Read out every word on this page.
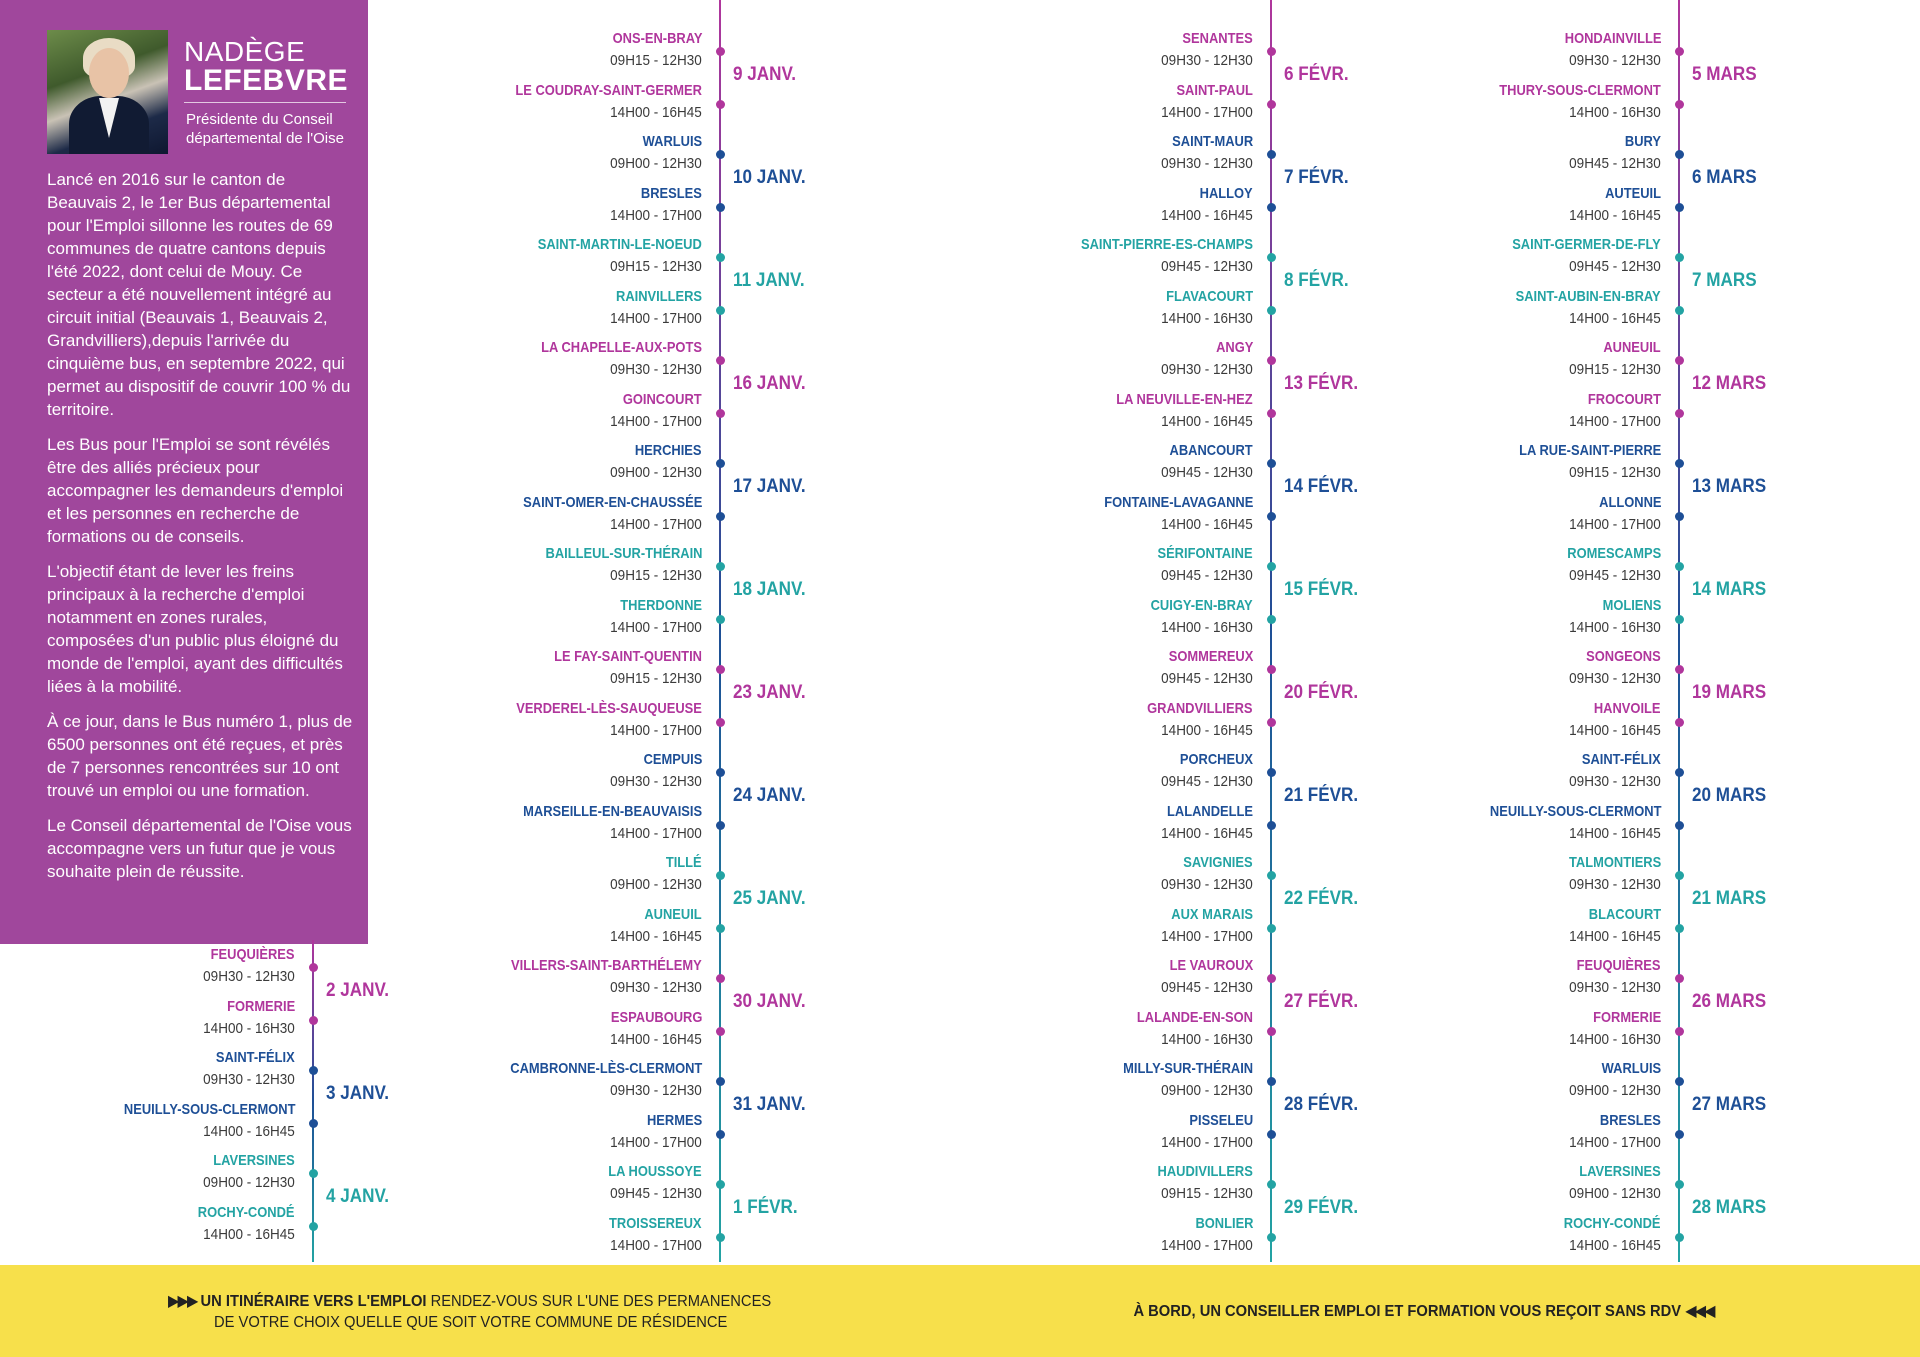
NADÈGE
LEFEBVRE
Présidente du Conseil départemental de l'Oise

Lancé en 2016 sur le canton de Beauvais 2, le 1er Bus départemental pour l'Emploi sillonne les routes de 69 communes de quatre cantons depuis l'été 2022, dont celui de Mouy. Ce secteur a été nouvellement intégré au circuit initial (Beauvais 1, Beauvais 2, Grandvilliers),depuis l'arrivée du cinquième bus, en septembre 2022, qui permet au dispositif de couvrir 100 % du territoire.

Les Bus pour l'Emploi se sont révélés être des alliés précieux pour accompagner les demandeurs d'emploi et les personnes en recherche de formations ou de conseils.

L'objectif étant de lever les freins principaux à la recherche d'emploi notamment en zones rurales, composées d'un public plus éloigné du monde de l'emploi, ayant des difficultés liées à la mobilité.

À ce jour, dans le Bus numéro 1, plus de 6500 personnes ont été reçues, et près de 7 personnes rencontrées sur 10 ont trouvé un emploi ou une formation.

Le Conseil départemental de l'Oise vous accompagne vers un futur que je vous souhaite plein de réussite.

FEUQUIÈRES
09H30 - 12H30
FORMERIE
14H00 - 16H30
2 JANV.
SAINT-FÉLIX
09H30 - 12H30
NEUILLY-SOUS-CLERMONT
14H00 - 16H45
3 JANV.
LAVERSINES
09H00 - 12H30
ROCHY-CONDÉ
14H00 - 16H45
4 JANV.
ONS-EN-BRAY
09H15 - 12H30
LE COUDRAY-SAINT-GERMER
14H00 - 16H45
9 JANV.
WARLUIS
09H00 - 12H30
BRESLES
14H00 - 17H00
10 JANV.
SAINT-MARTIN-LE-NOEUD
09H15 - 12H30
RAINVILLERS
14H00 - 17H00
11 JANV.
LA CHAPELLE-AUX-POTS
09H30 - 12H30
GOINCOURT
14H00 - 17H00
16 JANV.
HERCHIES
09H00 - 12H30
SAINT-OMER-EN-CHAUSSÉE
14H00 - 17H00
17 JANV.
BAILLEUL-SUR-THÉRAIN
09H15 - 12H30
THERDONNE
14H00 - 17H00
18 JANV.
LE FAY-SAINT-QUENTIN
09H15 - 12H30
VERDEREL-LÈS-SAUQUEUSE
14H00 - 17H00
23 JANV.
CEMPUIS
09H30 - 12H30
MARSEILLE-EN-BEAUVAISIS
14H00 - 17H00
24 JANV.
TILLÉ
09H00 - 12H30
AUNEUIL
14H00 - 16H45
25 JANV.
VILLERS-SAINT-BARTHÉLEMY
09H30 - 12H30
ESPAUBOURG
14H00 - 16H45
30 JANV.
CAMBRONNE-LÈS-CLERMONT
09H30 - 12H30
HERMES
14H00 - 17H00
31 JANV.
LA HOUSSOYE
09H45 - 12H30
TROISSEREUX
14H00 - 17H00
1 FÉVR.
SENANTES
09H30 - 12H30
SAINT-PAUL
14H00 - 17H00
6 FÉVR.
SAINT-MAUR
09H30 - 12H30
HALLOY
14H00 - 16H45
7 FÉVR.
SAINT-PIERRE-ES-CHAMPS
09H45 - 12H30
FLAVACOURT
14H00 - 16H30
8 FÉVR.
ANGY
09H30 - 12H30
LA NEUVILLE-EN-HEZ
14H00 - 16H45
13 FÉVR.
ABANCOURT
09H45 - 12H30
FONTAINE-LAVAGANNE
14H00 - 16H45
14 FÉVR.
SÉRIFONTAINE
09H45 - 12H30
CUIGY-EN-BRAY
14H00 - 16H30
15 FÉVR.
SOMMEREUX
09H45 - 12H30
GRANDVILLIERS
14H00 - 16H45
20 FÉVR.
PORCHEUX
09H45 - 12H30
LALANDELLE
14H00 - 16H45
21 FÉVR.
SAVIGNIES
09H30 - 12H30
AUX MARAIS
14H00 - 17H00
22 FÉVR.
LE VAUROUX
09H45 - 12H30
LALANDE-EN-SON
14H00 - 16H30
27 FÉVR.
MILLY-SUR-THÉRAIN
09H00 - 12H30
PISSELEU
14H00 - 17H00
28 FÉVR.
HAUDIVILLERS
09H15 - 12H30
BONLIER
14H00 - 17H00
29 FÉVR.
HONDAINVILLE
09H30 - 12H30
THURY-SOUS-CLERMONT
14H00 - 16H30
5 MARS
BURY
09H45 - 12H30
AUTEUIL
14H00 - 16H45
6 MARS
SAINT-GERMER-DE-FLY
09H45 - 12H30
SAINT-AUBIN-EN-BRAY
14H00 - 16H45
7 MARS
AUNEUIL
09H15 - 12H30
FROCOURT
14H00 - 17H00
12 MARS
LA RUE-SAINT-PIERRE
09H15 - 12H30
ALLONNE
14H00 - 17H00
13 MARS
ROMESCAMPS
09H45 - 12H30
MOLIENS
14H00 - 16H30
14 MARS
SONGEONS
09H30 - 12H30
HANVOILE
14H00 - 16H45
19 MARS
SAINT-FÉLIX
09H30 - 12H30
NEUILLY-SOUS-CLERMONT
14H00 - 16H45
20 MARS
TALMONTIERS
09H30 - 12H30
BLACOURT
14H00 - 16H45
21 MARS
FEUQUIÈRES
09H30 - 12H30
FORMERIE
14H00 - 16H30
26 MARS
WARLUIS
09H00 - 12H30
BRESLES
14H00 - 17H00
27 MARS
LAVERSINES
09H00 - 12H30
ROCHY-CONDÉ
14H00 - 16H45
28 MARS
▶▶▶ UN ITINÉRAIRE VERS L'EMPLOI RENDEZ-VOUS SUR L'UNE DES PERMANENCES
DE VOTRE CHOIX QUELLE QUE SOIT VOTRE COMMUNE DE RÉSIDENCE
À BORD, UN CONSEILLER EMPLOI ET FORMATION VOUS REÇOIT SANS RDV ◀◀◀
